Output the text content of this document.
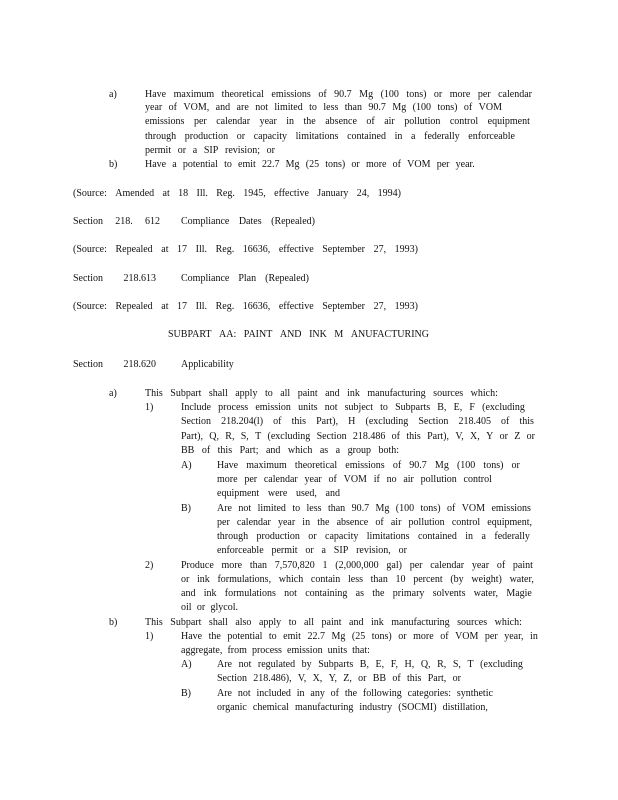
a)	Have maximum theoretical emissions of 90.7 Mg (100 tons) or more per calendar
year of VOM, and are not limited to less than 90.7 Mg (100 tons) of VOM
emissions per calendar year in the absence of air pollution control equipment
through production or capacity limitations contained in a federally enforceable
permit or a SIP revision; or
b)	Have a potential to emit 22.7 Mg (25 tons) or more of VOM per year.
(Source: Amended at 18 Ill. Reg. 1945, effective January 24, 1994)
Section 218. 612 Compliance Dates (Repealed)
(Source: Repealed at 17 Ill. Reg. 16636, effective September 27, 1993)
Section 218.613	Compliance Plan (Repealed)
(Source: Repealed at 17 Ill. Reg. 16636, effective September 27, 1993)
SUBPART AA: PAINT AND INK M ANUFACTURING
Section 218.620	Applicability
a)	This Subpart shall apply to all paint and ink manufacturing sources which:
1)	Include process emission units not subject to Subparts B, E, F (excluding
Section 218.204(l) of this Part), H (excluding Section 218.405 of this
Part), Q, R, S, T (excluding Section 218.486 of this Part), V, X, Y or Z or
BB of this Part; and which as a group both:
A)	Have maximum theoretical emissions of 90.7 Mg (100 tons) or
more per calendar year of VOM if no air pollution control
equipment were used, and
B)	Are not limited to less than 90.7 Mg (100 tons) of VOM emissions
per calendar year in the absence of air pollution control equipment,
through production or capacity limitations contained in a federally
enforceable permit or a SIP revision, or
2)	Produce more than 7,570,820 1 (2,000,000 gal) per calendar year of paint
or ink formulations, which contain less than 10 percent (by weight) water,
and ink formulations not containing as the primary solvents water, Magie
oil or glycol.
b)	This Subpart shall also apply to all paint and ink manufacturing sources which:
1)	Have the potential to emit 22.7 Mg (25 tons) or more of VOM per year, in
aggregate, from process emission units that:
A)	Are not regulated by Subparts B, E, F, H, Q, R, S, T (excluding
Section 218.486), V, X, Y, Z, or BB of this Part, or
B)	Are not included in any of the following categories: synthetic
organic chemical manufacturing industry (SOCMI) distillation,
